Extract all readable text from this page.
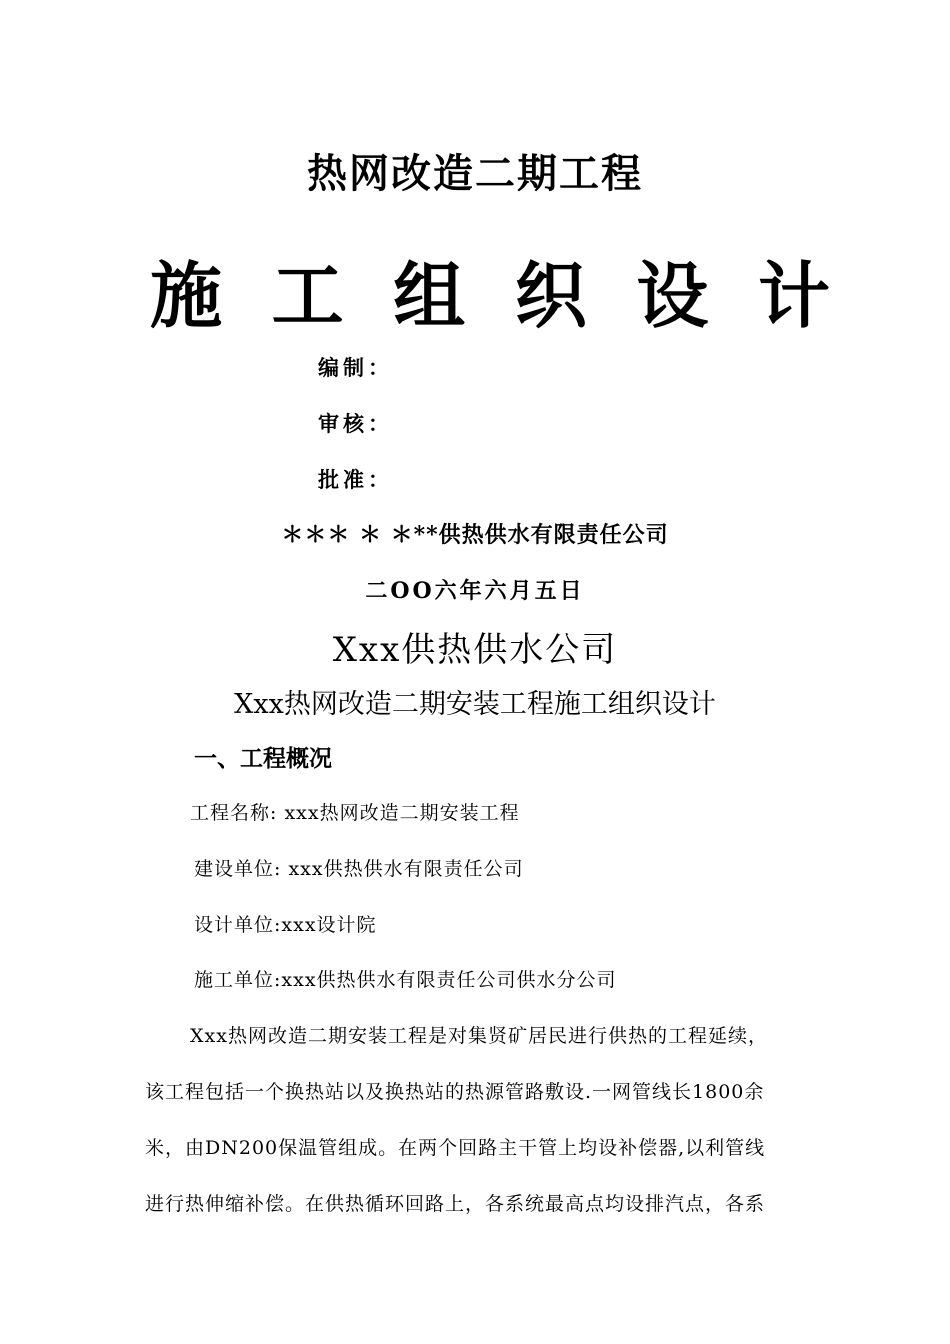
热网改造二期工程
施 工 组 织 设 计
编制：
审核：
批准：
＊＊＊ ＊ ＊**供热供水有限责任公司
二OO六年六月五日
Xxx供热供水公司
Xxx热网改造二期安装工程施工组织设计
一、工程概况
工程名称: xxx热网改造二期安装工程
建设单位: xxx供热供水有限责任公司
设计单位:xxx设计院
施工单位:xxx供热供水有限责任公司供水分公司
Xxx热网改造二期安装工程是对集贤矿居民进行供热的工程延续，
该工程包括一个换热站以及换热站的热源管路敷设.一网管线长1800余
米，由DN200保温管组成。在两个回路主干管上均设补偿器,以利管线
进行热伸缩补偿。在供热循环回路上，各系统最高点均设排汽点，各系
